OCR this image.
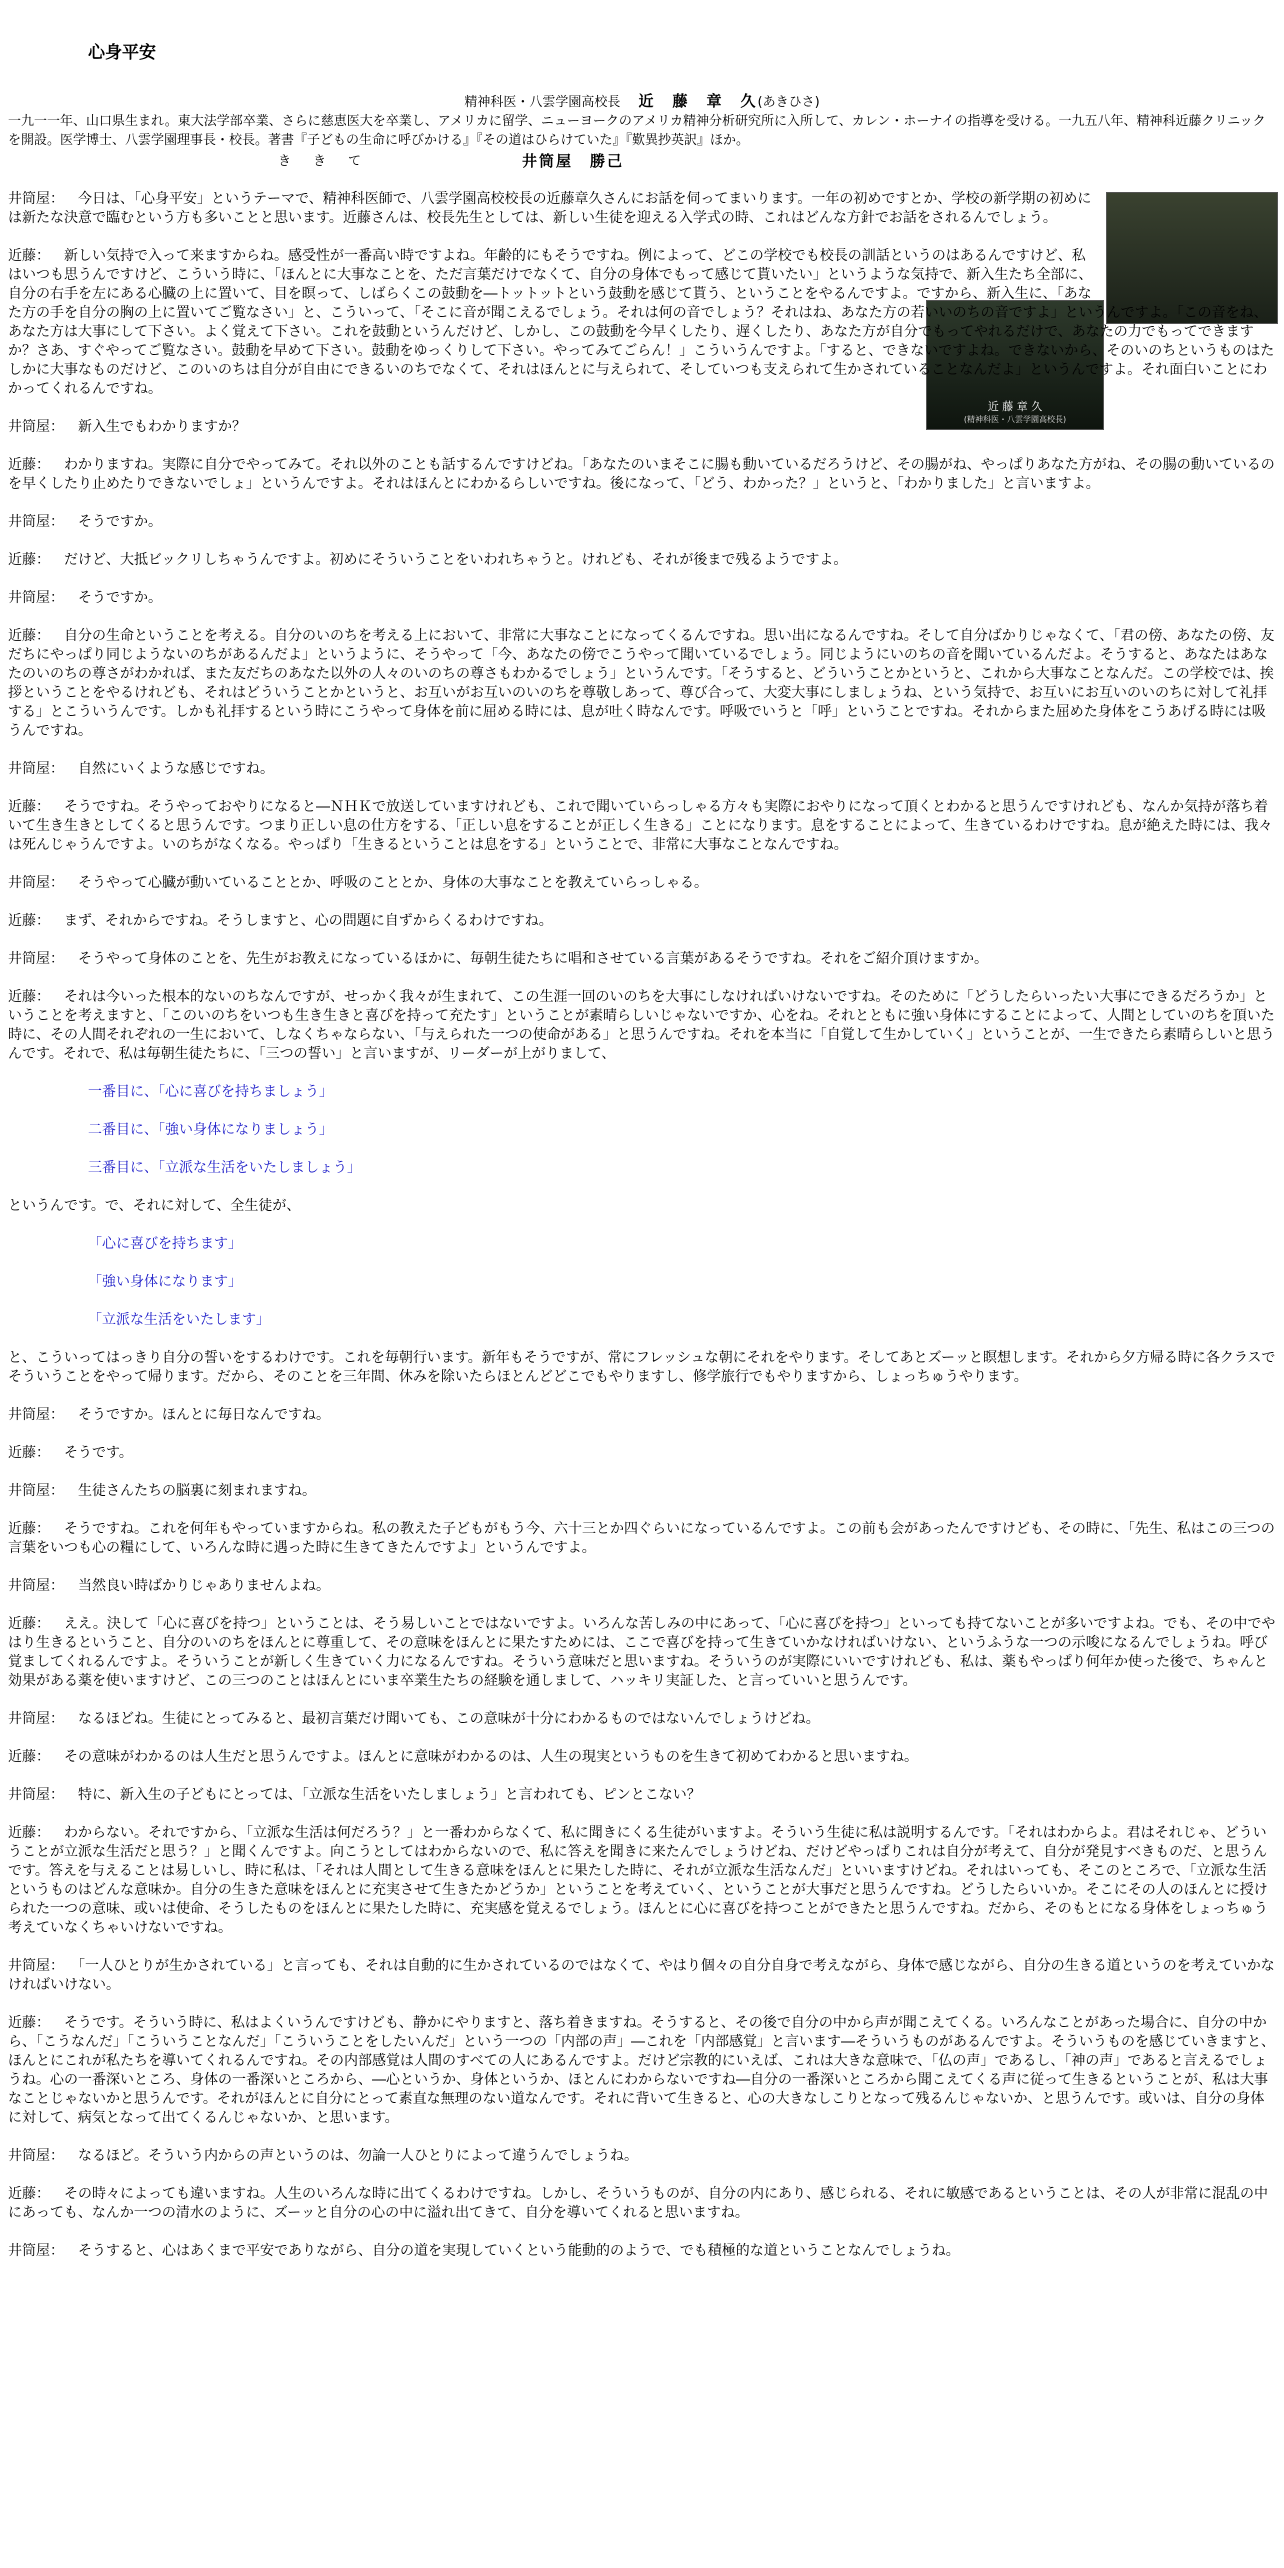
心身平安
精神科医・八雲学園高校長 近　藤　章　久(あきひさ)
一九一一年、山口県生まれ。東大法学部卒業、さらに慈恵医大を卒業し、アメリカに留学、ニューヨークのアメリカ精神分析研究所に入所して、カレン・ホーナイの指導を受ける。一九五八年、精神科近藤クリニックを開設。医学博士、八雲学園理事長・校長。著書『子どもの生命に呼びかける』『その道はひらけていた』『歎異抄英訳』ほか。
ききて	井筒屋　勝己
近 藤 章 久
(精神科医・八雲学園高校長)

井筒屋： 今日は、「心身平安」というテーマで、精神科医師で、八雲学園高校校長の近藤章久さんにお話を伺ってまいります。一年の初めですとか、学校の新学期の初めには新たな決意で臨むという方も多いことと思います。近藤さんは、校長先生としては、新しい生徒を迎える入学式の時、これはどんな方針でお話をされるんでしょう。

近藤： 新しい気持で入って来ますからね。感受性が一番高い時ですよね。年齢的にもそうですね。例によって、どこの学校でも校長の訓話というのはあるんですけど、私はいつも思うんですけど、こういう時に、「ほんとに大事なことを、ただ言葉だけでなくて、自分の身体でもって感じて貰いたい」というような気持で、新入生たち全部に、自分の右手を左にある心臓の上に置いて、目を瞑って、しばらくこの鼓動を―トットットという鼓動を感じて貰う、ということをやるんですよ。ですから、新入生に、「あなた方の手を自分の胸の上に置いてご覧なさい」と、こういって、「そこに音が聞こえるでしょう。それは何の音でしょう？それはね、あなた方の若いいのちの音ですよ」というんですよ。「この音をね、あなた方は大事にして下さい。よく覚えて下さい。これを鼓動というんだけど、しかし、この鼓動を今早くしたり、遅くしたり、あなた方が自分でもってやれるだけで、あなたの力でもってできますか？さあ、すぐやってご覧なさい。鼓動を早めて下さい。鼓動をゆっくりして下さい。やってみてごらん！」こういうんですよ。「すると、できないですよね。できないから、そのいのちというものはたしかに大事なものだけど、このいのちは自分が自由にできるいのちでなくて、それはほんとに与えられて、そしていつも支えられて生かされていることなんだよ」というんですよ。それ面白いことにわかってくれるんですね。

井筒屋： 新入生でもわかりますか？

近藤： わかりますね。実際に自分でやってみて。それ以外のことも話するんですけどね。「あなたのいまそこに腸も動いているだろうけど、その腸がね、やっぱりあなた方がね、その腸の動いているのを早くしたり止めたりできないでしょ」というんですよ。それはほんとにわかるらしいですね。後になって、「どう、わかった？」というと、「わかりました」と言いますよ。

井筒屋： そうですか。

近藤： だけど、大抵ビックリしちゃうんですよ。初めにそういうことをいわれちゃうと。けれども、それが後まで残るようですよ。

井筒屋： そうですか。

近藤： 自分の生命ということを考える。自分のいのちを考える上において、非常に大事なことになってくるんですね。思い出になるんですね。そして自分ばかりじゃなくて、「君の傍、あなたの傍、友だちにやっぱり同じようないのちがあるんだよ」というように、そうやって「今、あなたの傍でこうやって聞いているでしょう。同じようにいのちの音を聞いているんだよ。そうすると、あなたはあなたのいのちの尊さがわかれば、また友だちのあなた以外の人々のいのちの尊さもわかるでしょう」というんです。「そうすると、どういうことかというと、これから大事なことなんだ。この学校では、挨拶ということをやるけれども、それはどういうことかというと、お互いがお互いのいのちを尊敬しあって、尊び合って、大変大事にしましょうね、という気持で、お互いにお互いのいのちに対して礼拝する」とこういうんです。しかも礼拝するという時にこうやって身体を前に屈める時には、息が吐く時なんです。呼吸でいうと「呼」ということですね。それからまた屈めた身体をこうあげる時には吸うんですね。

井筒屋： 自然にいくような感じですね。

近藤： そうですね。そうやっておやりになると―ＮＨＫで放送していますけれども、これで聞いていらっしゃる方々も実際におやりになって頂くとわかると思うんですけれども、なんか気持が落ち着いて生き生きとしてくると思うんです。つまり正しい息の仕方をする、「正しい息をすることが正しく生きる」ことになります。息をすることによって、生きているわけですね。息が絶えた時には、我々は死んじゃうんですよ。いのちがなくなる。やっぱり「生きるということは息をする」ということで、非常に大事なことなんですね。

井筒屋： そうやって心臓が動いていることとか、呼吸のこととか、身体の大事なことを教えていらっしゃる。

近藤： まず、それからですね。そうしますと、心の問題に自ずからくるわけですね。

井筒屋： そうやって身体のことを、先生がお教えになっているほかに、毎朝生徒たちに唱和させている言葉があるそうですね。それをご紹介頂けますか。

近藤： それは今いった根本的ないのちなんですが、せっかく我々が生まれて、この生涯一回のいのちを大事にしなければいけないですね。そのために「どうしたらいったい大事にできるだろうか」ということを考えますと、「このいのちをいつも生き生きと喜びを持って充たす」ということが素晴らしいじゃないですか、心をね。それとともに強い身体にすることによって、人間としていのちを頂いた時に、その人間それぞれの一生において、しなくちゃならない、「与えられた一つの使命がある」と思うんですね。それを本当に「自覚して生かしていく」ということが、一生できたら素晴らしいと思うんです。それで、私は毎朝生徒たちに、「三つの誓い」と言いますが、リーダーが上がりまして、

一番目に、「心に喜びを持ちましょう」

二番目に、「強い身体になりましょう」

三番目に、「立派な生活をいたしましょう」

というんです。で、それに対して、全生徒が、

「心に喜びを持ちます」

「強い身体になります」

「立派な生活をいたします」

と、こういってはっきり自分の誓いをするわけです。これを毎朝行います。新年もそうですが、常にフレッシュな朝にそれをやります。そしてあとズーッと瞑想します。それから夕方帰る時に各クラスでそういうことをやって帰ります。だから、そのことを三年間、休みを除いたらほとんどどこでもやりますし、修学旅行でもやりますから、しょっちゅうやります。

井筒屋： そうですか。ほんとに毎日なんですね。

近藤： そうです。

井筒屋： 生徒さんたちの脳裏に刻まれますね。

近藤： そうですね。これを何年もやっていますからね。私の教えた子どもがもう今、六十三とか四ぐらいになっているんですよ。この前も会があったんですけども、その時に、「先生、私はこの三つの言葉をいつも心の糧にして、いろんな時に遇った時に生きてきたんですよ」というんですよ。

井筒屋： 当然良い時ばかりじゃありませんよね。

近藤： ええ。決して「心に喜びを持つ」ということは、そう易しいことではないですよ。いろんな苦しみの中にあって、「心に喜びを持つ」といっても持てないことが多いですよね。でも、その中でやはり生きるということ、自分のいのちをほんとに尊重して、その意味をほんとに果たすためには、ここで喜びを持って生きていかなければいけない、というふうな一つの示唆になるんでしょうね。呼び覚ましてくれるんですよ。そういうことが新しく生きていく力になるんですね。そういう意味だと思いますね。そういうのが実際にいいですけれども、私は、薬もやっぱり何年か使った後で、ちゃんと効果がある薬を使いますけど、この三つのことはほんとにいま卒業生たちの経験を通しまして、ハッキリ実証した、と言っていいと思うんです。

井筒屋： なるほどね。生徒にとってみると、最初言葉だけ聞いても、この意味が十分にわかるものではないんでしょうけどね。

近藤： その意味がわかるのは人生だと思うんですよ。ほんとに意味がわかるのは、人生の現実というものを生きて初めてわかると思いますね。

井筒屋： 特に、新入生の子どもにとっては、「立派な生活をいたしましょう」と言われても、ピンとこない？

近藤： わからない。それですから、「立派な生活は何だろう？」と一番わからなくて、私に聞きにくる生徒がいますよ。そういう生徒に私は説明するんです。「それはわからよ。君はそれじゃ、どういうことが立派な生活だと思う？」と聞くんですよ。向こうとしてはわからないので、私に答えを聞きに来たんでしょうけどね、だけどやっぱりこれは自分が考えて、自分が発見すべきものだ、と思うんです。答えを与えることは易しいし、時に私は、「それは人間として生きる意味をほんとに果たした時に、それが立派な生活なんだ」といいますけどね。それはいっても、そこのところで、「立派な生活というものはどんな意味か。自分の生きた意味をほんとに充実させて生きたかどうか」ということを考えていく、ということが大事だと思うんですね。どうしたらいいか。そこにその人のほんとに授けられた一つの意味、或いは使命、そうしたものをほんとに果たした時に、充実感を覚えるでしょう。ほんとに心に喜びを持つことができたと思うんですね。だから、そのもとになる身体をしょっちゅう考えていなくちゃいけないですね。

井筒屋： 「一人ひとりが生かされている」と言っても、それは自動的に生かされているのではなくて、やはり個々の自分自身で考えながら、身体で感じながら、自分の生きる道というのを考えていかなければいけない。

近藤： そうです。そういう時に、私はよくいうんですけども、静かにやりますと、落ち着きますね。そうすると、その後で自分の中から声が聞こえてくる。いろんなことがあった場合に、自分の中から、「こうなんだ」「こういうことなんだ」「こういうことをしたいんだ」という一つの「内部の声」―これを「内部感覚」と言います―そういうものがあるんですよ。そういうものを感じていきますと、ほんとにこれが私たちを導いてくれるんですね。その内部感覚は人間のすべての人にあるんですよ。だけど宗教的にいえば、これは大きな意味で、「仏の声」であるし、「神の声」であると言えるでしょうね。心の一番深いところ、身体の一番深いところから、―心というか、身体というか、ほとんにわからないですね―自分の一番深いところから聞こえてくる声に従って生きるということが、私は大事なことじゃないかと思うんです。それがほんとに自分にとって素直な無理のない道なんです。それに背いて生きると、心の大きなしこりとなって残るんじゃないか、と思うんです。或いは、自分の身体に対して、病気となって出てくるんじゃないか、と思います。

井筒屋： なるほど。そういう内からの声というのは、勿論一人ひとりによって違うんでしょうね。

近藤： その時々によっても違いますね。人生のいろんな時に出てくるわけですね。しかし、そういうものが、自分の内にあり、感じられる、それに敏感であるということは、その人が非常に混乱の中にあっても、なんか一つの清水のように、ズーッと自分の心の中に溢れ出てきて、自分を導いてくれると思いますね。

井筒屋： そうすると、心はあくまで平安でありながら、自分の道を実現していくという能動的のようで、でも積極的な道ということなんでしょうね。
